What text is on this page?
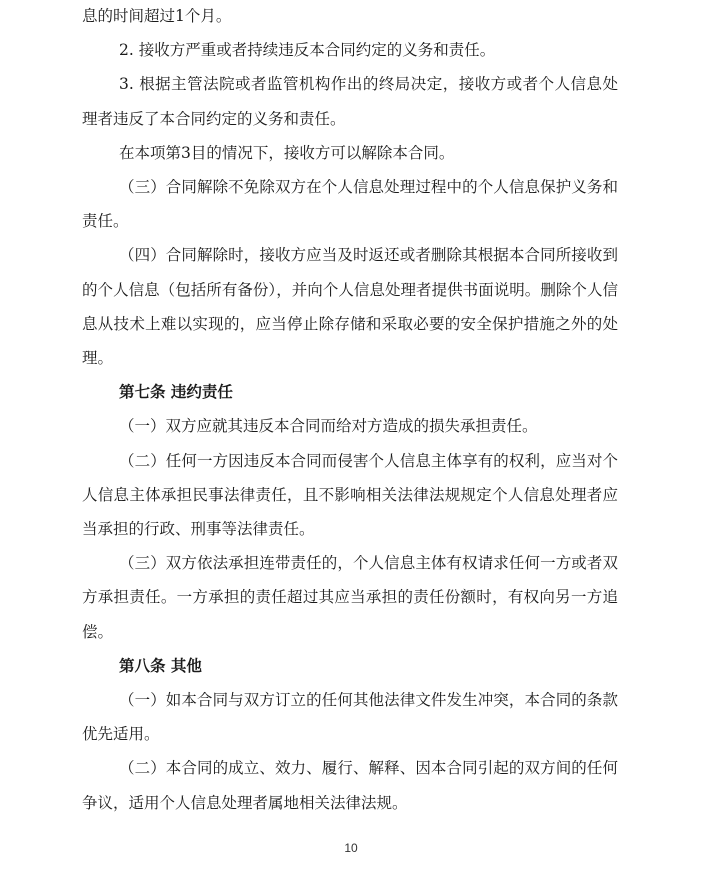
息的时间超过1个月。

2. 接收方严重或者持续违反本合同约定的义务和责任。

3. 根据主管法院或者监管机构作出的终局决定，接收方或者个人信息处理者违反了本合同约定的义务和责任。

在本项第3目的情况下，接收方可以解除本合同。

（三）合同解除不免除双方在个人信息处理过程中的个人信息保护义务和责任。

（四）合同解除时，接收方应当及时返还或者删除其根据本合同所接收到的个人信息（包括所有备份），并向个人信息处理者提供书面说明。删除个人信息从技术上难以实现的，应当停止除存储和采取必要的安全保护措施之外的处理。

第七条 违约责任

（一）双方应就其违反本合同而给对方造成的损失承担责任。

（二）任何一方因违反本合同而侵害个人信息主体享有的权利，应当对个人信息主体承担民事法律责任，且不影响相关法律法规规定个人信息处理者应当承担的行政、刑事等法律责任。

（三）双方依法承担连带责任的，个人信息主体有权请求任何一方或者双方承担责任。一方承担的责任超过其应当承担的责任份额时，有权向另一方追偿。

第八条 其他

（一）如本合同与双方订立的任何其他法律文件发生冲突，本合同的条款优先适用。

（二）本合同的成立、效力、履行、解释、因本合同引起的双方间的任何争议，适用个人信息处理者属地相关法律法规。

10
